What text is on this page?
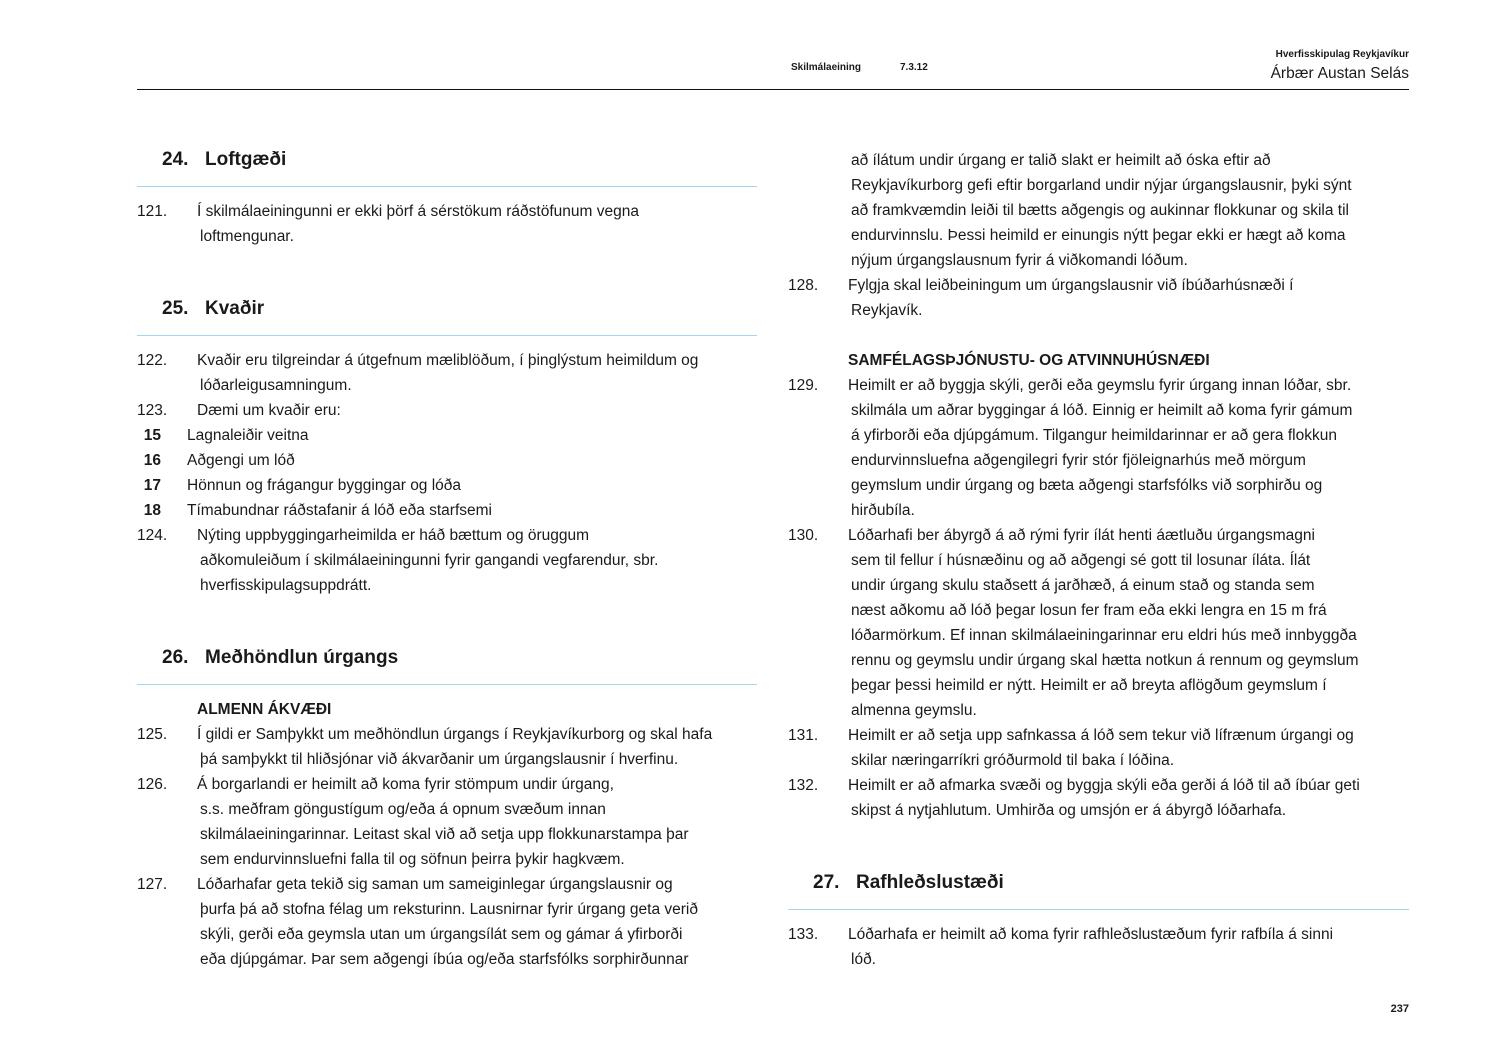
Skilmálaeining	7.3.12
Hverfisskipulag Reykjavíkur
Árbær Austan Selás
24. Loftgæði
121.	Í skilmálaeiningunni er ekki þörf á sérstökum ráðstöfunum vegna
loftmengunar.
25. Kvaðir
122.	Kvaðir eru tilgreindar á útgefnum mæliblöðum, í þinglýstum heimildum og
lóðarleigusamningum.
123.	Dæmi um kvaðir eru:
15 Lagnaleiðir veitna
16 Aðgengi um lóð
17 Hönnun og frágangur byggingar og lóða
18 Tímabundnar ráðstafanir á lóð eða starfsemi
124.	Nýting uppbyggingarheimilda er háð bættum og öruggum
aðkomuleiðum í skilmálaeiningunni fyrir gangandi vegfarendur, sbr.
hverfisskipulagsuppdrátt.
26. Meðhöndlun úrgangs
ALMENN ÁKVÆÐI
125.	Í gildi er Samþykkt um meðhöndlun úrgangs í Reykjavíkurborg og skal hafa
þá samþykkt til hliðsjónar við ákvarðanir um úrgangslausnir í hverfinu.
126.	Á borgarlandi er heimilt að koma fyrir stömpum undir úrgang,
s.s. meðfram göngustígum og/eða á opnum svæðum innan
skilmálaeiningarinnar. Leitast skal við að setja upp flokkunarstampa þar
sem endurvinnsluefni falla til og söfnun þeirra þykir hagkvæm.
127.	Lóðarhafar geta tekið sig saman um sameiginlegar úrgangslausnir og
þurfa þá að stofna félag um reksturinn. Lausnirnar fyrir úrgang geta verið
skýli, gerði eða geymsla utan um úrgangsílát sem og gámar á yfirborði
eða djúpgámar. Þar sem aðgengi íbúa og/eða starfsfólks sorphirðunnar
að ílátum undir úrgang er talið slakt er heimilt að óska eftir að
Reykjavíkurborg gefi eftir borgarland undir nýjar úrgangslausnir, þyki sýnt
að framkvæmdin leiði til bætts aðgengis og aukinnar flokkunar og skila til
endurvinnslu. Þessi heimild er einungis nýtt þegar ekki er hægt að koma
nýjum úrgangslausnum fyrir á viðkomandi lóðum.
128.	Fylgja skal leiðbeiningum um úrgangslausnir við íbúðarhúsnæði í
Reykjavík.
SAMFÉLAGSÞJÓNUSTU- OG ATVINNUHÚSNÆÐI
129.	Heimilt er að byggja skýli, gerði eða geymslu fyrir úrgang innan lóðar, sbr.
skilmála um aðrar byggingar á lóð. Einnig er heimilt að koma fyrir gámum
á yfirborði eða djúpgámum. Tilgangur heimildarinnar er að gera flokkun
endurvinnsluefna aðgengilegri fyrir stór fjöleignarhús með mörgum
geymslum undir úrgang og bæta aðgengi starfsfólks við sorphirðu og
hirðubíla.
130.	Lóðarhafi ber ábyrgð á að rými fyrir ílát henti áætluðu úrgangsmagni
sem til fellur í húsnæðinu og að aðgengi sé gott til losunar íláta. Ílát
undir úrgang skulu staðsett á jarðhæð, á einum stað og standa sem
næst aðkomu að lóð þegar losun fer fram eða ekki lengra en 15 m frá
lóðarmörkum. Ef innan skilmálaeiningarinnar eru eldri hús með innbyggða
rennu og geymslu undir úrgang skal hætta notkun á rennum og geymslum
þegar þessi heimild er nýtt. Heimilt er að breyta aflögðum geymslum í
almenna geymslu.
131.	Heimilt er að setja upp safnkassa á lóð sem tekur við lífrænum úrgangi og
skilar næringarríkri gróðurmold til baka í lóðina.
132.	Heimilt er að afmarka svæði og byggja skýli eða gerði á lóð til að íbúar geti
skipst á nytjahlutum. Umhirða og umsjón er á ábyrgð lóðarhafa.
27. Rafhleðslustæði
133.	Lóðarhafa er heimilt að koma fyrir rafhleðslustæðum fyrir rafbíla á sinni
lóð.
237
